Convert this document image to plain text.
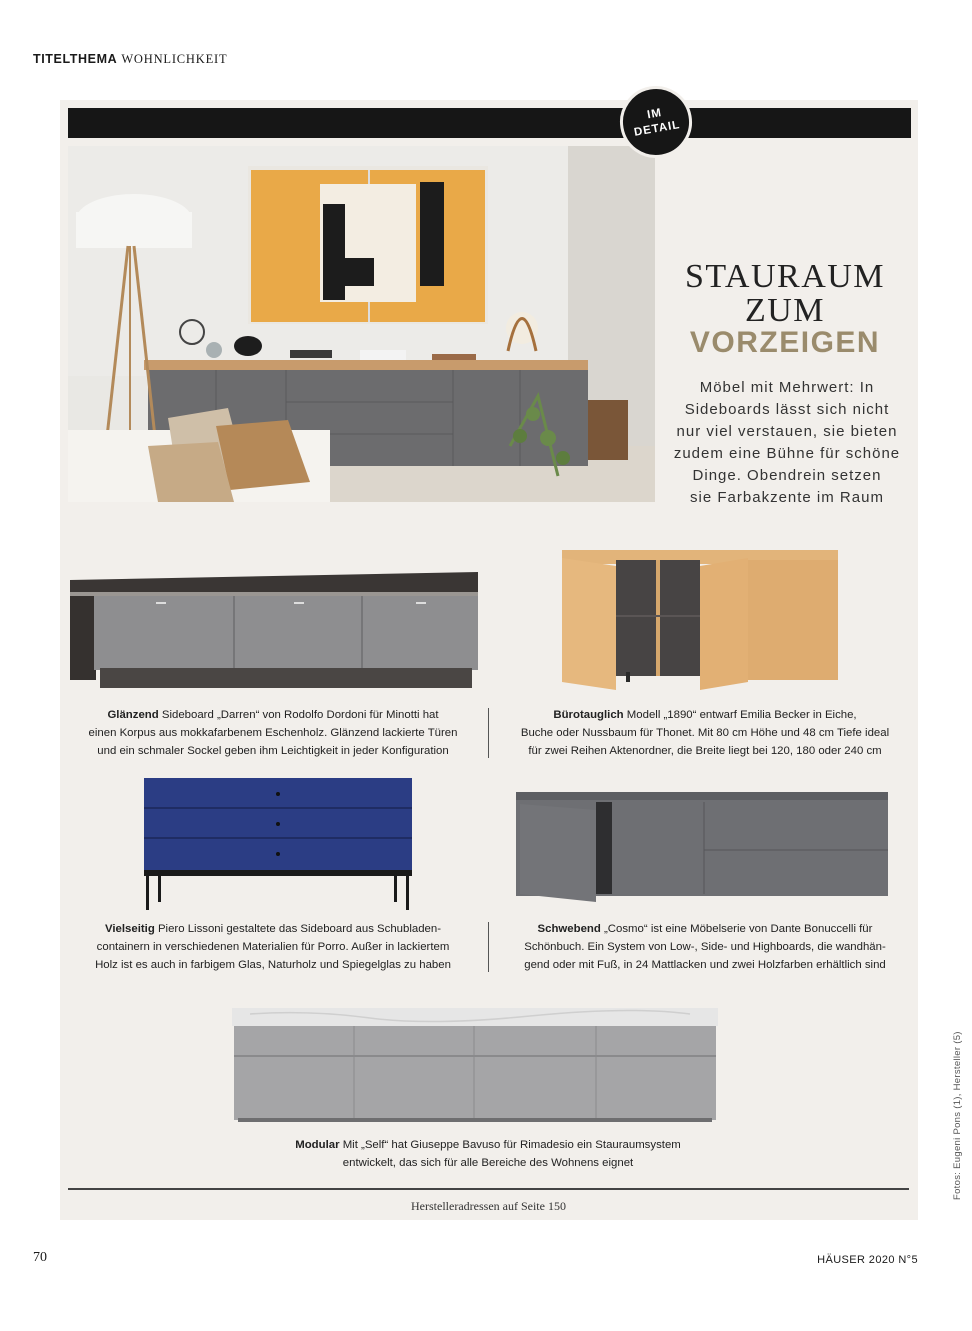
TITELTHEMA WOHNLICHKEIT
IM
DETAIL
STAURAUM
ZUM
VORZEIGEN
Möbel mit Mehrwert: In
Sideboards lässt sich nicht
nur viel verstauen, sie bieten
zudem eine Bühne für schöne
Dinge. Obendrein setzen
sie Farbakzente im Raum
Glänzend Sideboard „Darren“ von Rodolfo Dordoni für Minotti hat
einen Korpus aus mokkafarbenem Eschenholz. Glänzend lackierte Türen
und ein schmaler Sockel geben ihm Leichtigkeit in jeder Konfiguration
Bürotauglich Modell „1890“ entwarf Emilia Becker in Eiche,
Buche oder Nussbaum für Thonet. Mit 80 cm Höhe und 48 cm Tiefe ideal
für zwei Reihen Aktenordner, die Breite liegt bei 120, 180 oder 240 cm
Vielseitig Piero Lissoni gestaltete das Sideboard aus Schubladen-
containern in verschiedenen Materialien für Porro. Außer in lackiertem
Holz ist es auch in farbigem Glas, Naturholz und Spiegelglas zu haben
Schwebend „Cosmo“ ist eine Möbelserie von Dante Bonuccelli für
Schönbuch. Ein System von Low-, Side- und Highboards, die wandhän-
gend oder mit Fuß, in 24 Mattlacken und zwei Holzfarben erhältlich sind
Modular Mit „Self“ hat Giuseppe Bavuso für Rimadesio ein Stauraumsystem
entwickelt, das sich für alle Bereiche des Wohnens eignet
Herstelleradressen auf Seite 150
70	HÄUSER 2020 N°5
Fotos: Eugeni Pons (1), Hersteller (5)
